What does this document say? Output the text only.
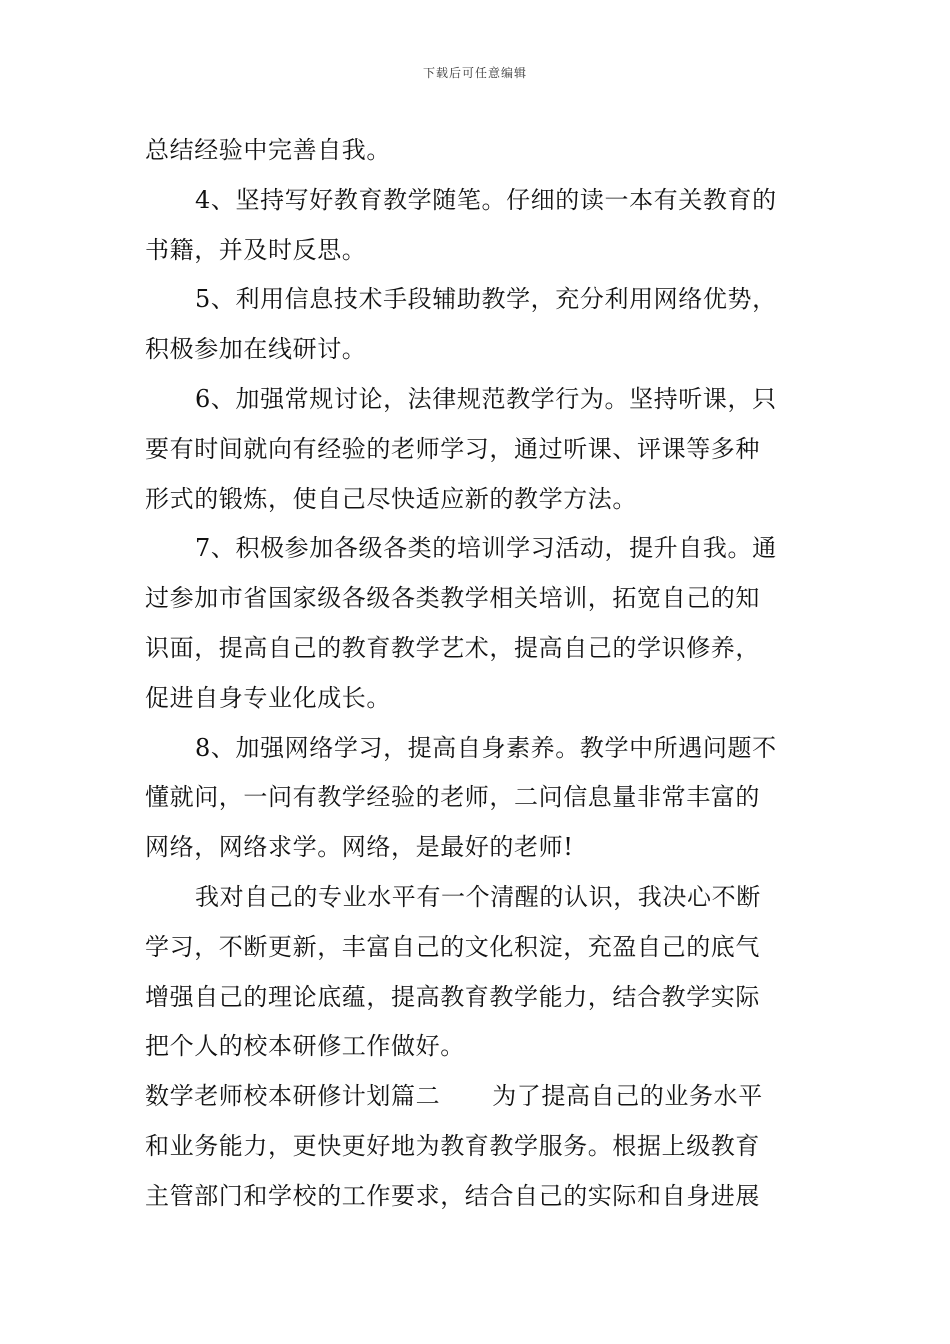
下载后可任意编辑
总结经验中完善自我。
4、坚持写好教育教学随笔。仔细的读一本有关教育的
书籍，并及时反思。
5、利用信息技术手段辅助教学，充分利用网络优势，
积极参加在线研讨。
6、加强常规讨论，法律规范教学行为。坚持听课，只
要有时间就向有经验的老师学习，通过听课、评课等多种
形式的锻炼，使自己尽快适应新的教学方法。
7、积极参加各级各类的培训学习活动，提升自我。通
过参加市省国家级各级各类教学相关培训，拓宽自己的知
识面，提高自己的教育教学艺术，提高自己的学识修养，
促进自身专业化成长。
8、加强网络学习，提高自身素养。教学中所遇问题不
懂就问，一问有教学经验的老师，二问信息量非常丰富的
网络，网络求学。网络，是最好的老师!
我对自己的专业水平有一个清醒的认识，我决心不断
学习，不断更新，丰富自己的文化积淀，充盈自己的底气
增强自己的理论底蕴，提高教育教学能力，结合教学实际
把个人的校本研修工作做好。
数学老师校本研修计划篇二 为了提高自己的业务水平
和业务能力，更快更好地为教育教学服务。根据上级教育
主管部门和学校的工作要求，结合自己的实际和自身进展
